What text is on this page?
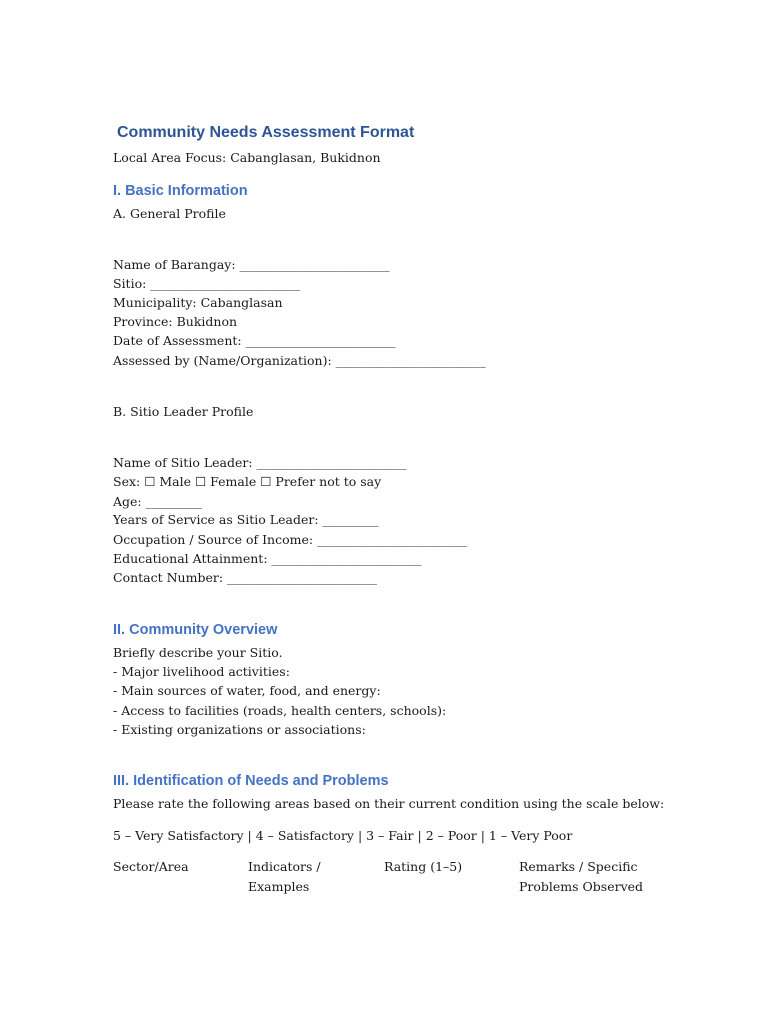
Community Needs Assessment Format

Local Area Focus: Cabanglasan, Bukidnon

I. Basic Information

A. General Profile

Name of Barangay: ________________________

Sitio: ________________________

Municipality: Cabanglasan

Province: Bukidnon

Date of Assessment: ________________________

Assessed by (Name/Organization): ________________________

B. Sitio Leader Profile

Name of Sitio Leader: ________________________

Sex: ☐ Male ☐ Female ☐ Prefer not to say

Age: _________

Years of Service as Sitio Leader: _________

Occupation / Source of Income: ________________________

Educational Attainment: ________________________

Contact Number: ________________________

II. Community Overview

Briefly describe your Sitio.

- Major livelihood activities:

- Main sources of water, food, and energy:

- Access to facilities (roads, health centers, schools):

- Existing organizations or associations:

III. Identification of Needs and Problems

Please rate the following areas based on their current condition using the scale below:

5 – Very Satisfactory | 4 – Satisfactory | 3 – Fair | 2 – Poor | 1 – Very Poor

Sector/Area	Indicators / Examples

Rating (1–5)	Remarks / Specific Problems Observed
